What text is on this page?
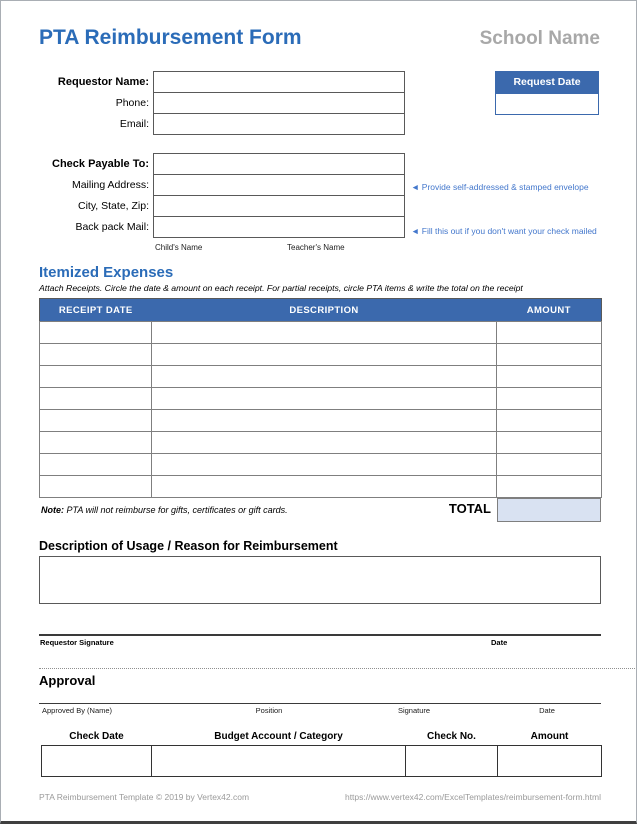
PTA Reimbursement Form	School Name
Requestor Name:
Phone:
Email:
Request Date
Check Payable To:
Mailing Address:
City, State, Zip:
Back pack Mail:
Child's Name	Teacher's Name
◄ Provide self-addressed & stamped envelope
◄ Fill this out if you don't want your check mailed
Itemized Expenses

Attach Receipts. Circle the date & amount on each receipt. For partial receipts, circle PTA items & write the total on the receipt

RECEIPT DATE	DESCRIPTION	AMOUNT

Note: PTA will not reimburse for gifts, certificates or gift cards.	TOTAL
Description of Usage / Reason for Reimbursement
Requestor Signature	Date
Approval
Approved By (Name)	Position	Signature	Date
Check Date	Budget Account / Category	Check No.	Amount

PTA Reimbursement Template © 2019 by Vertex42.com	https://www.vertex42.com/ExcelTemplates/reimbursement-form.html
